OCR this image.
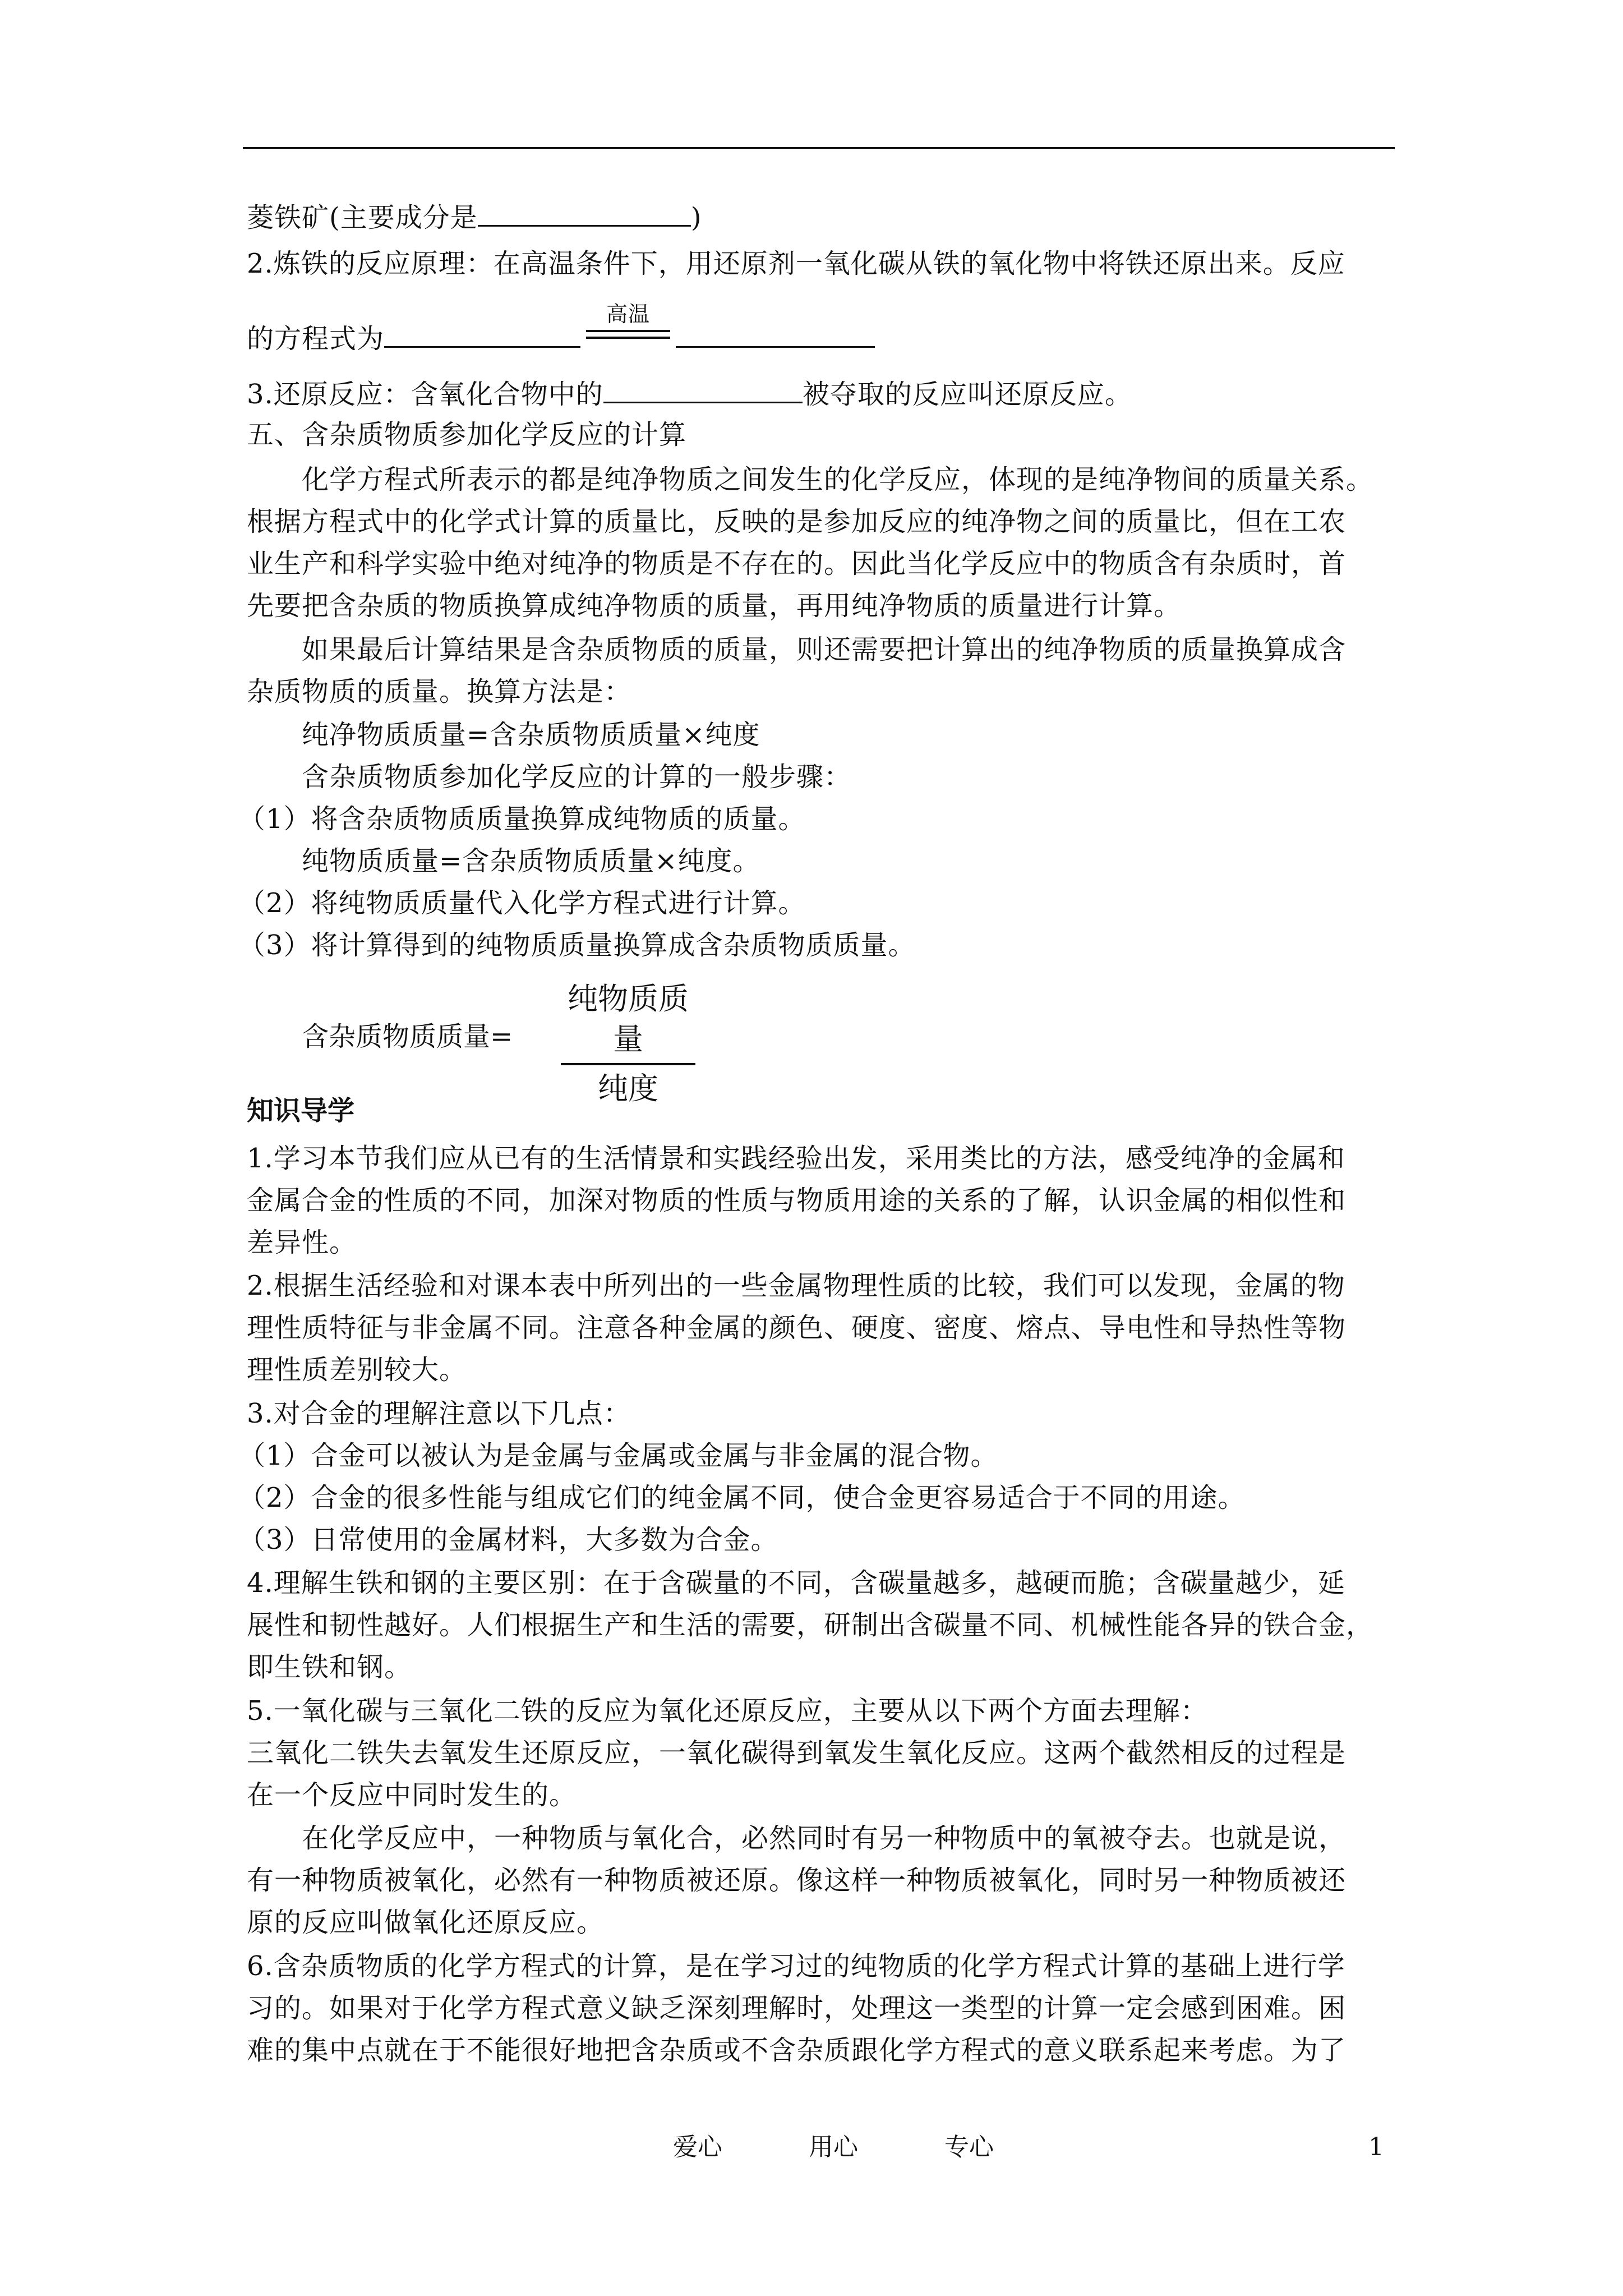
菱铁矿(主要成分是	)
2.炼铁的反应原理：在高温条件下，用还原剂一氧化碳从铁的氧化物中将铁还原出来。反应
的方程式为
高温
3.还原反应：含氧化合物中的	被夺取的反应叫还原反应。
五、含杂质物质参加化学反应的计算
化学方程式所表示的都是纯净物质之间发生的化学反应，体现的是纯净物间的质量关系。
根据方程式中的化学式计算的质量比，反映的是参加反应的纯净物之间的质量比，但在工农
业生产和科学实验中绝对纯净的物质是不存在的。因此当化学反应中的物质含有杂质时，首
先要把含杂质的物质换算成纯净物质的质量，再用纯净物质的质量进行计算。
如果最后计算结果是含杂质物质的质量，则还需要把计算出的纯净物质的质量换算成含
杂质物质的质量。换算方法是：
纯净物质质量=含杂质物质质量×纯度
含杂质物质参加化学反应的计算的一般步骤：
（1）将含杂质物质质量换算成纯物质的质量。
纯物质质量=含杂质物质质量×纯度。
（2）将纯物质质量代入化学方程式进行计算。
（3）将计算得到的纯物质质量换算成含杂质物质质量。
含杂质物质质量=
纯物质质量
纯度
知识导学
1.学习本节我们应从已有的生活情景和实践经验出发，采用类比的方法，感受纯净的金属和
金属合金的性质的不同，加深对物质的性质与物质用途的关系的了解，认识金属的相似性和
差异性。
2.根据生活经验和对课本表中所列出的一些金属物理性质的比较，我们可以发现，金属的物
理性质特征与非金属不同。注意各种金属的颜色、硬度、密度、熔点、导电性和导热性等物
理性质差别较大。
3.对合金的理解注意以下几点：
（1）合金可以被认为是金属与金属或金属与非金属的混合物。
（2）合金的很多性能与组成它们的纯金属不同，使合金更容易适合于不同的用途。
（3）日常使用的金属材料，大多数为合金。
4.理解生铁和钢的主要区别：在于含碳量的不同，含碳量越多，越硬而脆；含碳量越少，延
展性和韧性越好。人们根据生产和生活的需要，研制出含碳量不同、机械性能各异的铁合金，
即生铁和钢。
5.一氧化碳与三氧化二铁的反应为氧化还原反应，主要从以下两个方面去理解：
三氧化二铁失去氧发生还原反应，一氧化碳得到氧发生氧化反应。这两个截然相反的过程是
在一个反应中同时发生的。
在化学反应中，一种物质与氧化合，必然同时有另一种物质中的氧被夺去。也就是说，
有一种物质被氧化，必然有一种物质被还原。像这样一种物质被氧化，同时另一种物质被还
原的反应叫做氧化还原反应。
6.含杂质物质的化学方程式的计算，是在学习过的纯物质的化学方程式计算的基础上进行学
习的。如果对于化学方程式意义缺乏深刻理解时，处理这一类型的计算一定会感到困难。困
难的集中点就在于不能很好地把含杂质或不含杂质跟化学方程式的意义联系起来考虑。为了
爱心	用心	专心	1
